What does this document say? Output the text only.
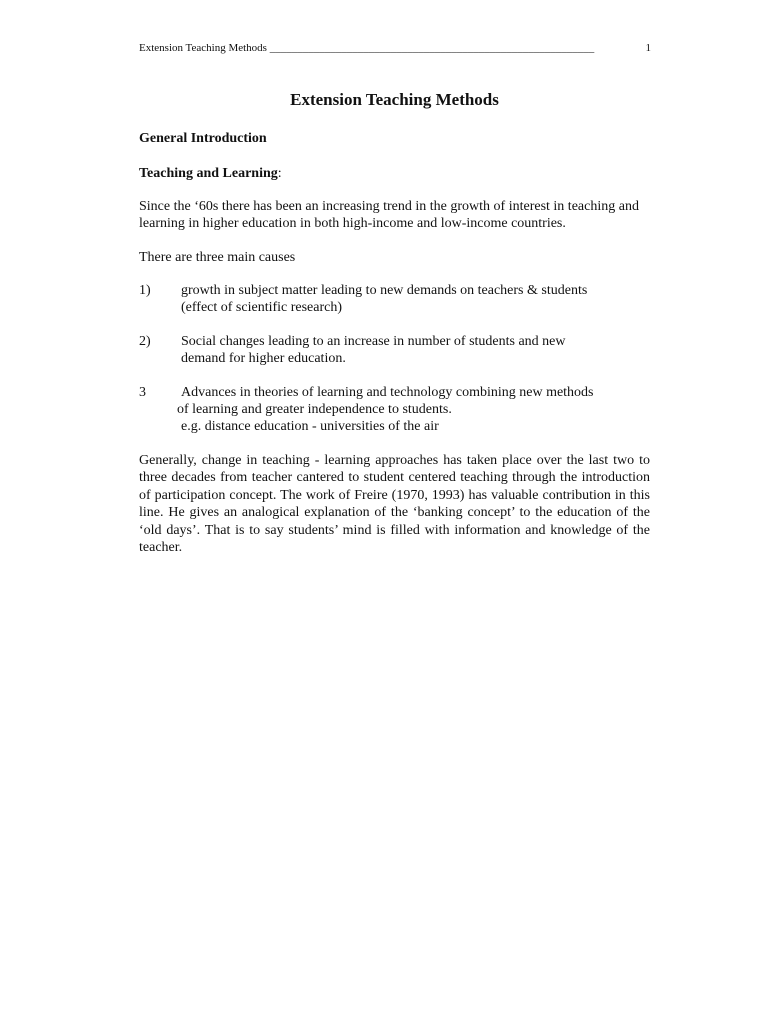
Extension Teaching Methods ___________________________________________________________	1
Extension Teaching Methods
General Introduction
Teaching and Learning:

Since the ‘60s there has been an increasing trend in the growth of interest in teaching and
learning in higher education in both high-income and low-income countries.

There are three main causes

1)	growth in subject matter leading to new demands on teachers & students
(effect of scientific research)
2)	Social changes leading to an increase in number of students and new
demand for higher education.
3	Advances in theories of learning and technology combining new methods
of learning and greater independence to students.
e.g. distance education - universities of the air

Generally, change in teaching - learning approaches has taken place over the last two to three decades from teacher cantered to student centered teaching through the introduction of participation concept. The work of Freire (1970, 1993) has valuable contribution in this line. He gives an analogical explanation of the ‘banking concept’ to the education of the ‘old days’. That is to say students’ mind is filled with information and knowledge of the teacher.
